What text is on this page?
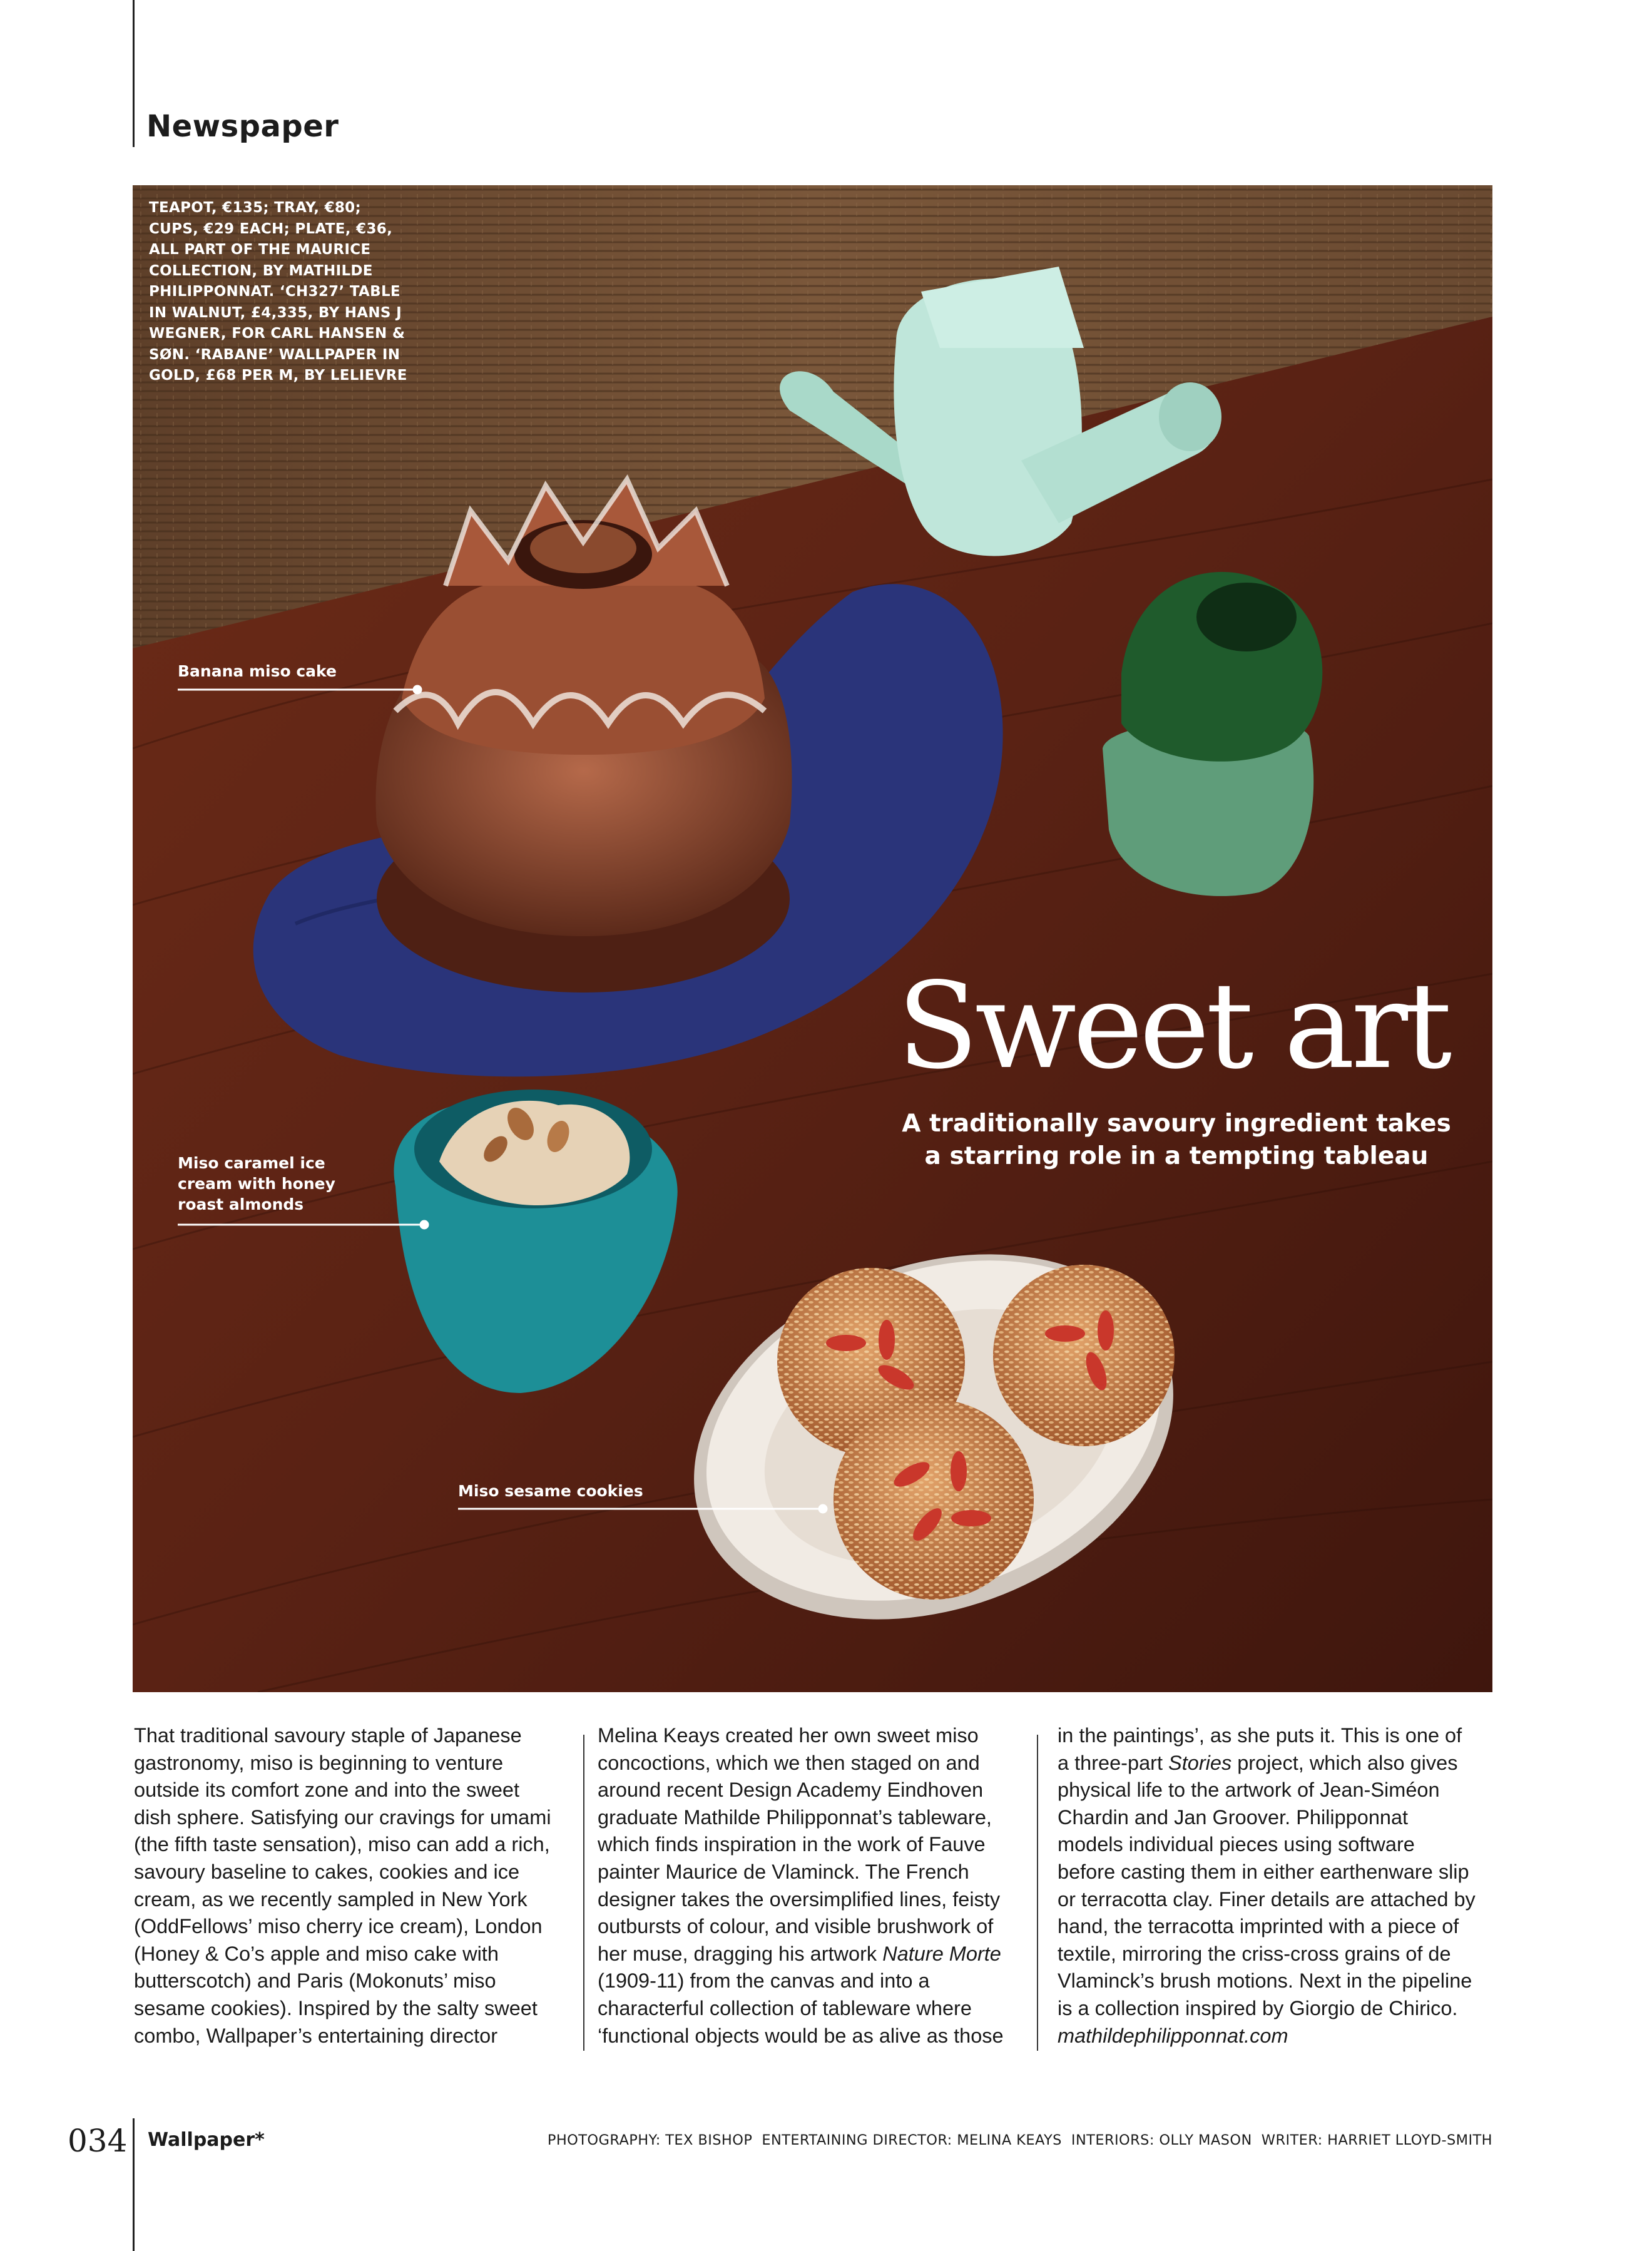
Newspaper
TEAPOT, €135; TRAY, €80; CUPS, €29 EACH; PLATE, €36, ALL PART OF THE MAURICE COLLECTION, BY MATHILDE PHILIPPONNAT. ‘CH327’ TABLE IN WALNUT, £4,335, BY HANS J WEGNER, FOR CARL HANSEN & SØN. ‘RABANE’ WALLPAPER IN GOLD, £68 PER M, BY LELIEVRE
Banana miso cake
Miso caramel ice cream with honey roast almonds
Miso sesame cookies
Sweet art
A traditionally savoury ingredient takes a starring role in a tempting tableau

That traditional savoury staple of Japanese gastronomy, miso is beginning to venture outside its comfort zone and into the sweet dish sphere. Satisfying our cravings for umami (the fifth taste sensation), miso can add a rich, savoury baseline to cakes, cookies and ice cream, as we recently sampled in New York (OddFellows’ miso cherry ice cream), London (Honey & Co’s apple and miso cake with butterscotch) and Paris (Mokonuts’ miso sesame cookies). Inspired by the salty sweet combo, Wallpaper’s entertaining director

Melina Keays created her own sweet miso concoctions, which we then staged on and around recent Design Academy Eindhoven graduate Mathilde Philipponnat’s tableware, which finds inspiration in the work of Fauve painter Maurice de Vlaminck. The French designer takes the oversimplified lines, feisty outbursts of colour, and visible brushwork of her muse, dragging his artwork Nature Morte (1909-11) from the canvas and into a characterful collection of tableware where ‘functional objects would be as alive as those

in the paintings’, as she puts it. This is one of a three-part Stories project, which also gives physical life to the artwork of Jean-Siméon Chardin and Jan Groover. Philipponnat models individual pieces using software before casting them in either earthenware slip or terracotta clay. Finer details are attached by hand, the terracotta imprinted with a piece of textile, mirroring the criss-cross grains of de Vlaminck’s brush motions. Next in the pipeline is a collection inspired by Giorgio de Chirico. mathildephilipponnat.com

034 Wallpaper*	PHOTOGRAPHY: TEX BISHOP  ENTERTAINING DIRECTOR: MELINA KEAYS  INTERIORS: OLLY MASON  WRITER: HARRIET LLOYD-SMITH
